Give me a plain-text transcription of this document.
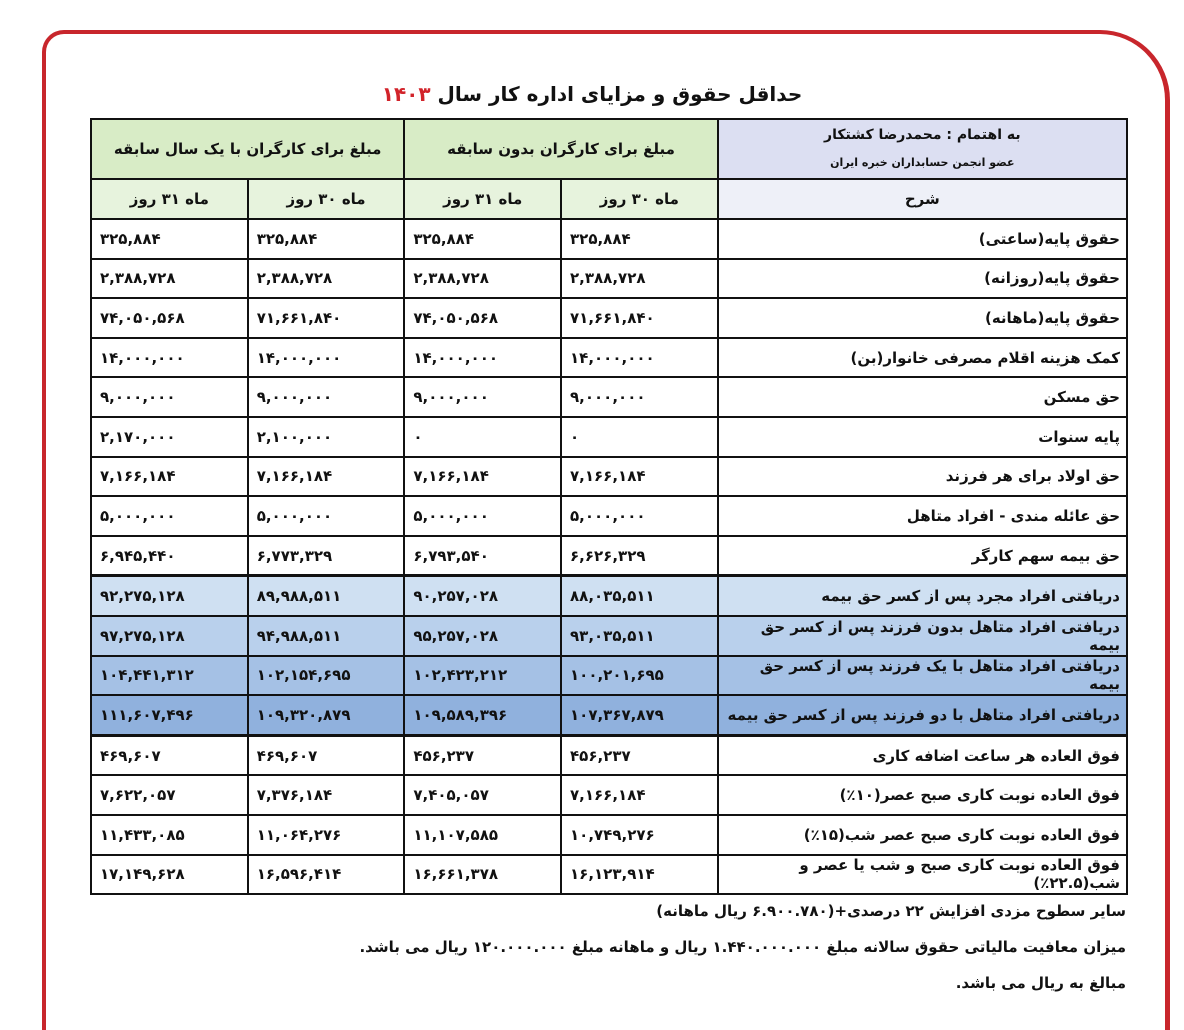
حداقل حقوق و مزایای اداره کار سال ۱۴۰۳
به اهتمام : محمدرضا کشتکار
عضو انجمن حسابداران خبره ایران	مبلغ برای کارگران بدون سابقه		مبلغ برای کارگران با یک سال سابقه	
شرح	ماه ۳۰ روز	ماه ۳۱ روز	ماه ۳۰ روز	ماه ۳۱ روز
حقوق پایه(ساعتی)	۳۲۵,۸۸۴	۳۲۵,۸۸۴	۳۲۵,۸۸۴	۳۲۵,۸۸۴
حقوق پایه(روزانه)	۲,۳۸۸,۷۲۸	۲,۳۸۸,۷۲۸	۲,۳۸۸,۷۲۸	۲,۳۸۸,۷۲۸
حقوق پایه(ماهانه)	۷۱,۶۶۱,۸۴۰	۷۴,۰۵۰,۵۶۸	۷۱,۶۶۱,۸۴۰	۷۴,۰۵۰,۵۶۸
کمک هزینه اقلام مصرفی خانوار(بن)	۱۴,۰۰۰,۰۰۰	۱۴,۰۰۰,۰۰۰	۱۴,۰۰۰,۰۰۰	۱۴,۰۰۰,۰۰۰
حق مسکن	۹,۰۰۰,۰۰۰	۹,۰۰۰,۰۰۰	۹,۰۰۰,۰۰۰	۹,۰۰۰,۰۰۰
پایه سنوات	۰	۰	۲,۱۰۰,۰۰۰	۲,۱۷۰,۰۰۰
حق اولاد برای هر فرزند	۷,۱۶۶,۱۸۴	۷,۱۶۶,۱۸۴	۷,۱۶۶,۱۸۴	۷,۱۶۶,۱۸۴
حق عائله مندی - افراد متاهل	۵,۰۰۰,۰۰۰	۵,۰۰۰,۰۰۰	۵,۰۰۰,۰۰۰	۵,۰۰۰,۰۰۰
حق بیمه سهم کارگر	۶,۶۲۶,۳۲۹	۶,۷۹۳,۵۴۰	۶,۷۷۳,۳۲۹	۶,۹۴۵,۴۴۰
دریافتی افراد مجرد پس از کسر حق بیمه	۸۸,۰۳۵,۵۱۱	۹۰,۲۵۷,۰۲۸	۸۹,۹۸۸,۵۱۱	۹۲,۲۷۵,۱۲۸
دریافتی افراد متاهل بدون فرزند پس از کسر حق بیمه	۹۳,۰۳۵,۵۱۱	۹۵,۲۵۷,۰۲۸	۹۴,۹۸۸,۵۱۱	۹۷,۲۷۵,۱۲۸
دریافتی افراد متاهل با یک فرزند پس از کسر حق بیمه	۱۰۰,۲۰۱,۶۹۵	۱۰۲,۴۲۳,۲۱۲	۱۰۲,۱۵۴,۶۹۵	۱۰۴,۴۴۱,۳۱۲
دریافتی افراد متاهل با دو فرزند پس از کسر حق بیمه	۱۰۷,۳۶۷,۸۷۹	۱۰۹,۵۸۹,۳۹۶	۱۰۹,۳۲۰,۸۷۹	۱۱۱,۶۰۷,۴۹۶
فوق العاده هر ساعت اضافه کاری	۴۵۶,۲۳۷	۴۵۶,۲۳۷	۴۶۹,۶۰۷	۴۶۹,۶۰۷
فوق العاده نوبت کاری صبح عصر(۱۰٪)	۷,۱۶۶,۱۸۴	۷,۴۰۵,۰۵۷	۷,۳۷۶,۱۸۴	۷,۶۲۲,۰۵۷
فوق العاده نوبت کاری صبح عصر شب(۱۵٪)	۱۰,۷۴۹,۲۷۶	۱۱,۱۰۷,۵۸۵	۱۱,۰۶۴,۲۷۶	۱۱,۴۳۳,۰۸۵
فوق العاده نوبت کاری صبح و شب یا عصر و شب(۲۲.۵٪)	۱۶,۱۲۳,۹۱۴	۱۶,۶۶۱,۳۷۸	۱۶,۵۹۶,۴۱۴	۱۷,۱۴۹,۶۲۸
سایر سطوح مزدی افزایش ۲۲ درصدی+(۶.۹۰۰.۷۸۰ ریال ماهانه)
میزان معافیت مالیاتی حقوق سالانه مبلغ ۱.۴۴۰.۰۰۰.۰۰۰ ریال و ماهانه مبلغ ۱۲۰.۰۰۰.۰۰۰ ریال می باشد.
مبالغ به ریال می باشد.
